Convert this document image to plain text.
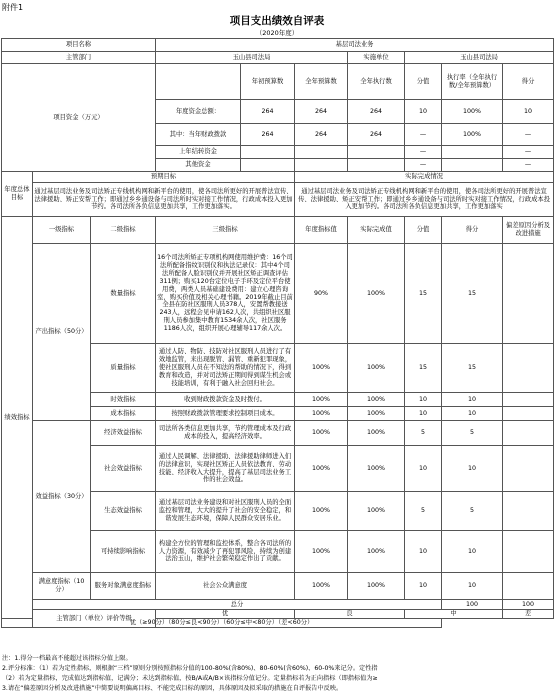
附件1
项目支出绩效自评表
（2020年度）
项目名称			基层司法业务							
主管部门			玉山县司法局			实施单位	玉山县司法局			
项目资金（万元）				年初预算数	全年预算数	全年执行数	分值	执行率（全年执行数/全年预算数）	得分	
			年度资金总额：	264	264	264	10	100%	10	
			其中：当年财政拨款	264	264	264	—	100%	—	
			上年结转资金				—		—	
			其他资金				—		—	
年度总体目标	预期目标				实际完成情况					
	通过基层司法业务及司法矫正专线机构网和新平台的使用，使各司法所更好的开展普法宣传、法律援助、矫正安帮工作；即通过乡乡通设备与司法所时实对接工作情况，行政成本投入更加节约。各司法所各负信息更加共享，工作更加落实。				通过基层司法业务及司法矫正专线机构网和新平台的使用，使各司法所更好的开展普法宣传、法律援助、矫正安帮工作；即通过乡乡通设备与司法所时实对接工作情况，行政成本投入更加节约。各司法所各负信息更加共享，工作更加落实					
绩效指标	一级指标	二级指标	三级指标		年度指标值	实际完成值	分值	得分	偏差原因分析及改进措施	
	产出指标（50分）	数量指标	16个司法所矫正专项机构网使用维护费：16个司法所配备指纹识别仪和执法记录仪：其中4个司法所配备人脸识别仪并开展社区矫正调查评估311例；购买120台定位电子手环及定位平台使用费，两类人员基础建设费用：建立心理咨询室，购买价值及相关心理书籍。2019年截止目前全县在防社区服刑人员378人，安置帮教接送243人，远程会见申请162人次，共组织社区服刑人员参加集中教育1534余人次，社区服务1186人次，组织开展心理辅导117余人次。		90%	100%	15	15		
		质量指标	通过人防、物防、技防对社区服刑人员进行了有效地监管，来出现脱管、漏管、重新犯罪现象，使社区服刑人员在不知法的帮助的情况下，得到教育和改造，并对司法矫正期间得到谋生机会或技能培训，有利于融入社会回归社会。		100%	100%	15	15		
		时效指标	收到财政拨款资金及时拨付。		100%	100%	10	10		
		成本指标	按照财政拨款管理要求控制项目成本。		100%	100%	10	10		
	效益指标（30分）	经济效益指标	司法所各类信息更加共享，节约管理成本及行政成本的投入，提高经济效率。		100%	100%	5	5		
		社会效益指标	通过人民调解、法律援助、法律援助律师进入们的法律意识，实现社区矫正人员依法教育、劳动技能、经济收入大提升，提高了基层司法业务工作的社会效益。		100%	100%	10	10		
		生态效益指标	通过基层司法业务建设和对社区服刑人员的全面监控和管理，大大的提升了社会的安全稳定，和谐发展生态环境，保障人民群众安居乐业。		100%	100%	5	5		
		可持续影响指标	构建全方位的管理和监控体系，整合各司法所的人力资源，有效减少了再犯罪风险，持续为创建法治玉山，维护社会繁荣稳定作出了贡献。		100%	100%	10	10		
	满意度指标（10分）	服务对象满意度指标	社会公众满意度		100%	100%	10	10		
	总分							100	100	
	主管部门（单位）评价等级		优		良		中		差	
优（≥90分）（80分≤良<90分）（60分≤中<80分）（差<60分）										
注：1.得分一档最高不能超过该指标分值上限。
2.评分标准：（1）若为定性指标，则根据“三档”原则分别按照指标分值的100-80%(含80%)、80-60%(含60%)、60-0%来记分。定性指
（2）若为定量指标，完成值达到指标值，记满分；未达到指标值，按B/A或A/B×该指标分值记分。定量指标若为正向指标（即指标值为≥
3.请在“偏差原因分析及改进措施”中简要说明偏离目标、不能完成目标的原因，具体原因及拟采取的措施在自评报告中反映。
